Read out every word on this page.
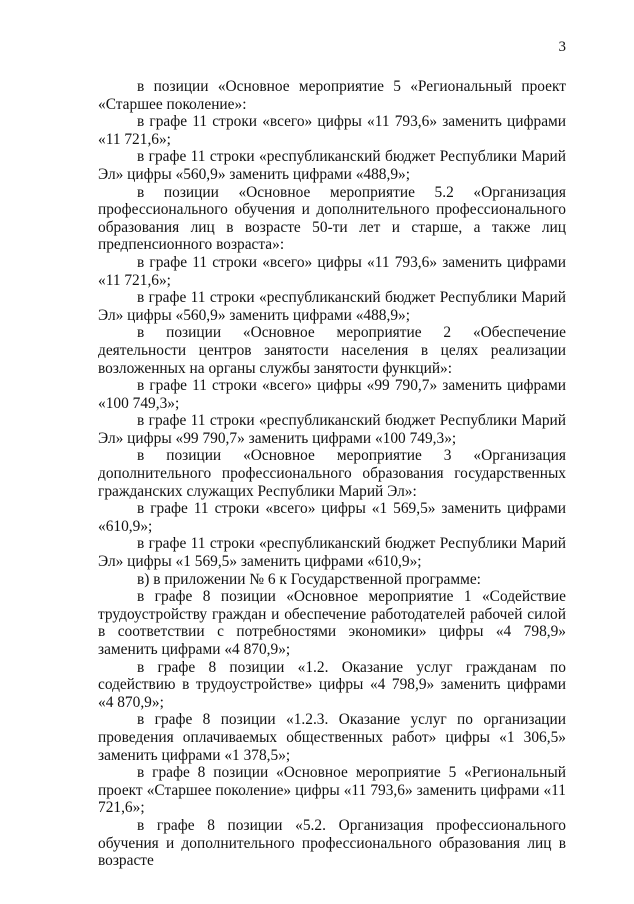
3

в позиции «Основное мероприятие 5 «Региональный проект «Старшее поколение»:

в графе 11 строки «всего» цифры «11 793,6» заменить цифрами «11 721,6»;

в графе 11 строки «республиканский бюджет Республики Марий Эл» цифры «560,9» заменить цифрами «488,9»;

в позиции «Основное мероприятие 5.2 «Организация профессионального обучения и дополнительного профессионального образования лиц в возрасте 50-ти лет и старше, а также лиц предпенсионного возраста»:

в графе 11 строки «всего» цифры «11 793,6» заменить цифрами «11 721,6»;

в графе 11 строки «республиканский бюджет Республики Марий Эл» цифры «560,9» заменить цифрами «488,9»;

в позиции «Основное мероприятие 2 «Обеспечение деятельности центров занятости населения в целях реализации возложенных на органы службы занятости функций»:

в графе 11 строки «всего» цифры «99 790,7» заменить цифрами «100 749,3»;

в графе 11 строки «республиканский бюджет Республики Марий Эл» цифры «99 790,7» заменить цифрами «100 749,3»;

в позиции «Основное мероприятие 3 «Организация дополнительного профессионального образования государственных гражданских служащих Республики Марий Эл»:

в графе 11 строки «всего» цифры «1 569,5» заменить цифрами «610,9»;

в графе 11 строки «республиканский бюджет Республики Марий Эл» цифры «1 569,5» заменить цифрами «610,9»;

в) в приложении № 6 к Государственной программе:

в графе 8 позиции «Основное мероприятие 1 «Содействие трудоустройству граждан и обеспечение работодателей рабочей силой в соответствии с потребностями экономики» цифры «4 798,9» заменить цифрами «4 870,9»;

в графе 8 позиции «1.2. Оказание услуг гражданам по содействию в трудоустройстве» цифры «4 798,9» заменить цифрами «4 870,9»;

в графе 8 позиции «1.2.3. Оказание услуг по организации проведения оплачиваемых общественных работ» цифры «1 306,5» заменить цифрами «1 378,5»;

в графе 8 позиции «Основное мероприятие 5 «Региональный проект «Старшее поколение» цифры «11 793,6» заменить цифрами «11 721,6»;

в графе 8 позиции «5.2. Организация профессионального обучения и дополнительного профессионального образования лиц в возрасте
